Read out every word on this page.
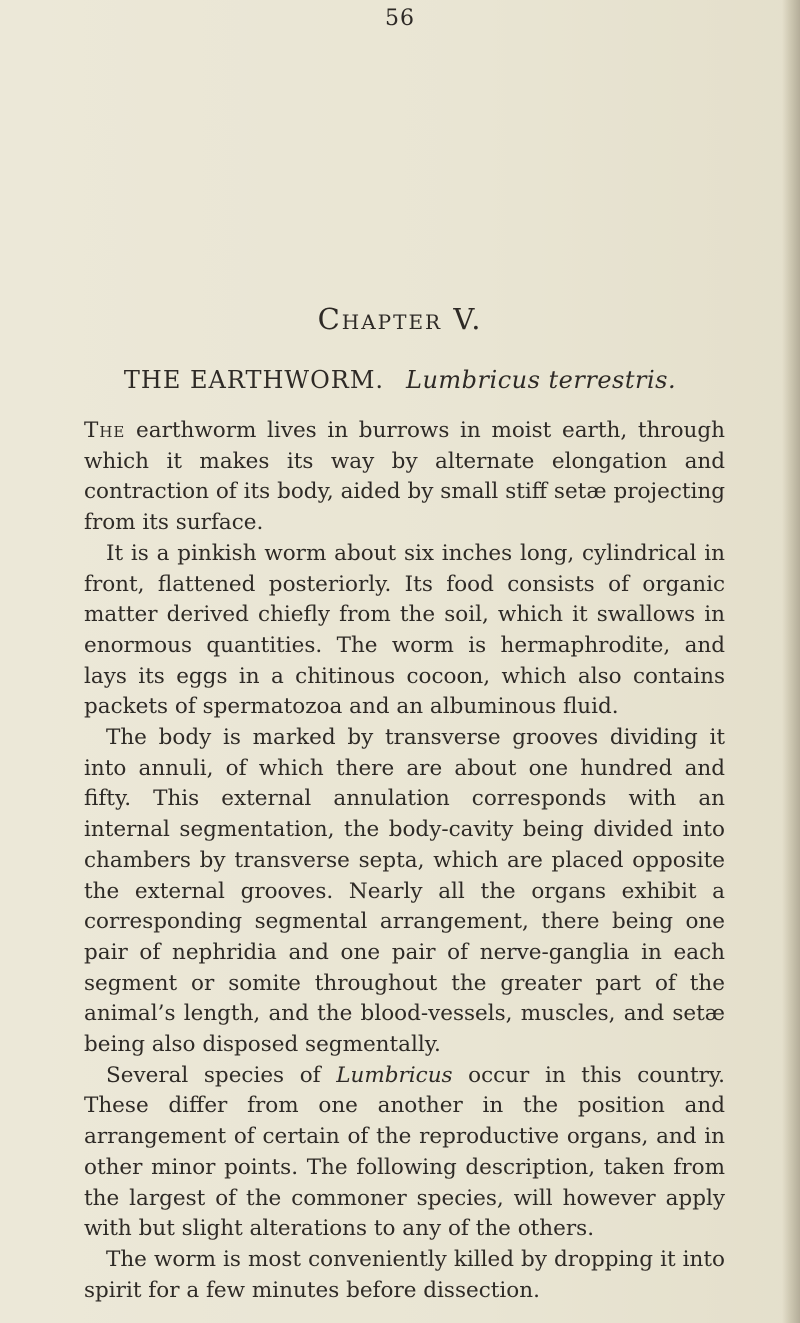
56
Chapter V.
THE EARTHWORM. Lumbricus terrestris.

The earthworm lives in burrows in moist earth, through which it makes its way by alternate elongation and contraction of its body, aided by small stiff setæ projecting from its surface.

It is a pinkish worm about six inches long, cylindrical in front, flattened posteriorly. Its food consists of organic matter derived chiefly from the soil, which it swallows in enormous quantities. The worm is hermaphrodite, and lays its eggs in a chitinous cocoon, which also contains packets of spermatozoa and an albuminous fluid.

The body is marked by transverse grooves dividing it into annuli, of which there are about one hundred and fifty. This external annulation corresponds with an internal segmentation, the body-cavity being divided into chambers by transverse septa, which are placed opposite the external grooves. Nearly all the organs exhibit a corresponding segmental arrangement, there being one pair of nephridia and one pair of nerve-ganglia in each segment or somite throughout the greater part of the animal’s length, and the blood-vessels, muscles, and setæ being also disposed segmentally.

Several species of Lumbricus occur in this country. These differ from one another in the position and arrangement of certain of the reproductive organs, and in other minor points. The following description, taken from the largest of the commoner species, will however apply with but slight alterations to any of the others.

The worm is most conveniently killed by dropping it into spirit for a few minutes before dissection.
